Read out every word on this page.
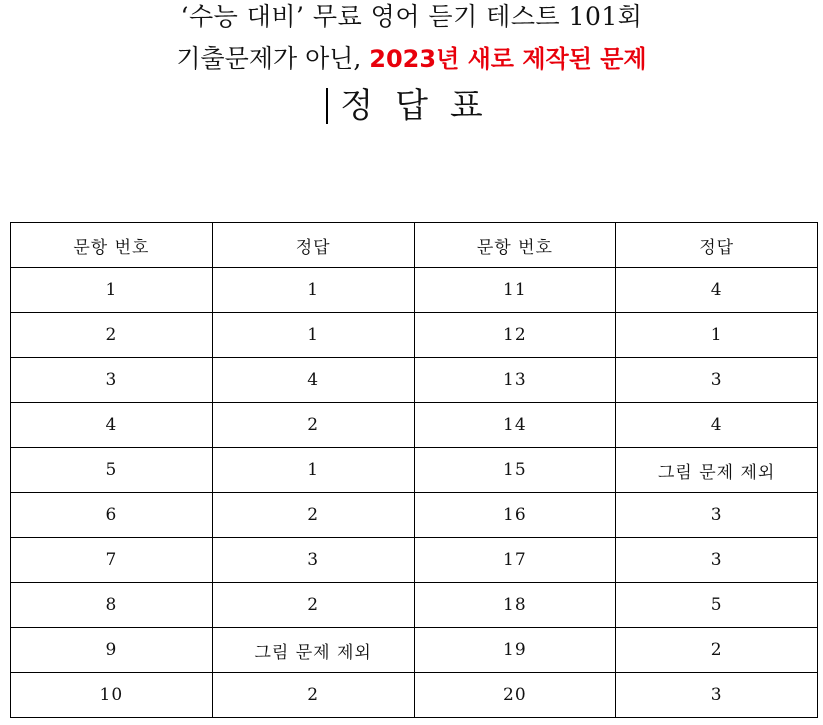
‘수능 대비’ 무료 영어 듣기 테스트 101회
기출문제가 아닌, 2023년 새로 제작된 문제
정답표
문항 번호	정답	문항 번호	정답
1	1	11	4
2	1	12	1
3	4	13	3
4	2	14	4
5	1	15	그림 문제 제외
6	2	16	3
7	3	17	3
8	2	18	5
9	그림 문제 제외	19	2
10	2	20	3
